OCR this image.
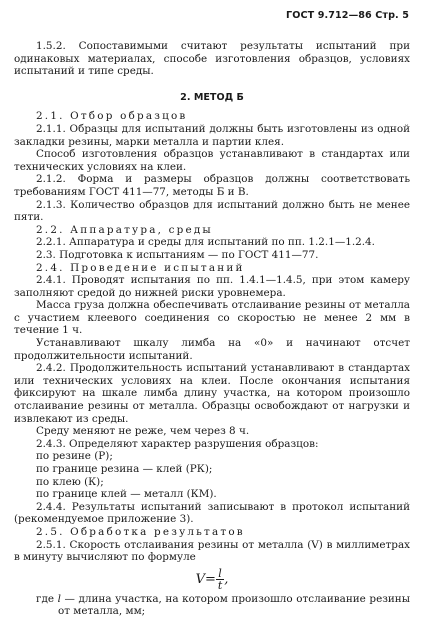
ГОСТ 9.712—86 Стр. 5

1.5.2. Сопоставимыми считают результаты испытаний при одинаковых материалах, способе изготовления образцов, условиях испытаний и типе среды.

2. МЕТОД Б

2.1. Отбор образцов

2.1.1. Образцы для испытаний должны быть изготовлены из одной закладки резины, марки металла и партии клея.

Способ изготовления образцов устанавливают в стандартах или технических условиях на клеи.

2.1.2. Форма и размеры образцов должны соответствовать требованиям ГОСТ 411—77, методы Б и В.

2.1.3. Количество образцов для испытаний должно быть не менее пяти.

2.2. Аппаратура, среды

2.2.1. Аппаратура и среды для испытаний по пп. 1.2.1—1.2.4.

2.3. Подготовка к испытаниям — по ГОСТ 411—77.

2.4. Проведение испытаний

2.4.1. Проводят испытания по пп. 1.4.1—1.4.5, при этом камеру заполняют средой до нижней риски уровнемера.

Масса груза должна обеспечивать отслаивание резины от металла с участием клеевого соединения со скоростью не менее 2 мм в течение 1 ч.

Устанавливают шкалу лимба на «0» и начинают отсчет продолжительности испытаний.

2.4.2. Продолжительность испытаний устанавливают в стандартах или технических условиях на клеи. После окончания испытания фиксируют на шкале лимба длину участка, на котором произошло отслаивание резины от металла. Образцы освобождают от нагрузки и извлекают из среды.

Среду меняют не реже, чем через 8 ч.

2.4.3. Определяют характер разрушения образцов:

по резине (Р);

по границе резина — клей (РК);

по клею (К);

по границе клей — металл (КМ).

2.4.4. Результаты испытаний записывают в протокол испытаний (рекомендуемое приложение 3).

2.5. Обработка результатов

2.5.1. Скорость отслаивания резины от металла (V) в миллиметрах в минуту вычисляют по формуле

$V= \frac{l}{t}$ ,

где l — длина участка, на котором произошло отслаивание резины от металла, мм;
